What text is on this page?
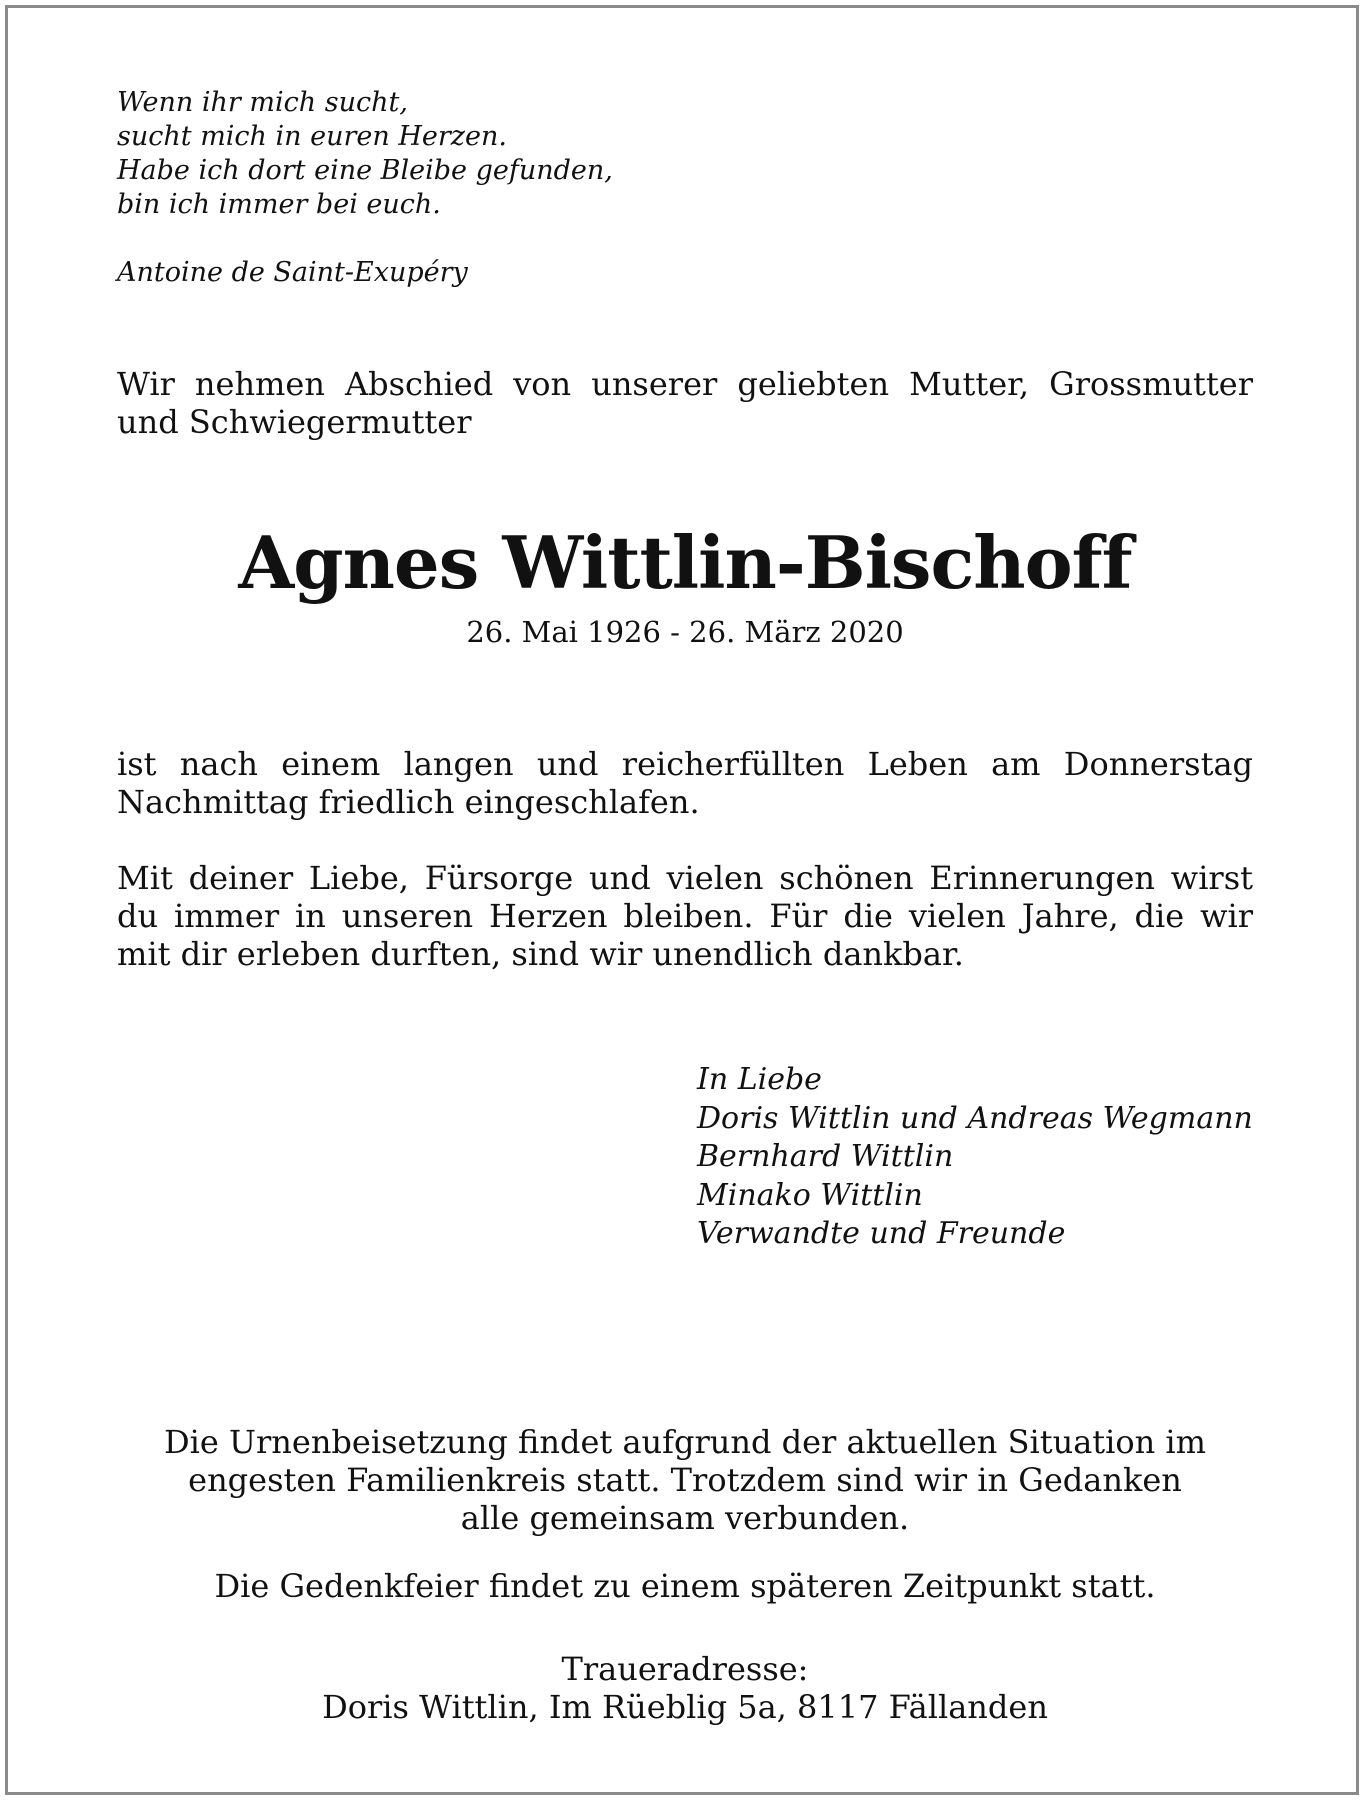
Wenn ihr mich sucht,
sucht mich in euren Herzen.
Habe ich dort eine Bleibe gefunden,
bin ich immer bei euch.
Antoine de Saint-Exupéry
Wir nehmen Abschied von unserer geliebten Mutter, Grossmutter und Schwiegermutter
Agnes Wittlin-Bischoff
26. Mai 1926 - 26. März 2020
ist nach einem langen und reicherfüllten Leben am Donnerstag Nachmittag friedlich eingeschlafen.
Mit deiner Liebe, Fürsorge und vielen schönen Erinnerungen wirst du immer in unseren Herzen bleiben. Für die vielen Jahre, die wir mit dir erleben durften, sind wir unendlich dankbar.
In Liebe
Doris Wittlin und Andreas Wegmann
Bernhard Wittlin
Minako Wittlin
Verwandte und Freunde
Die Urnenbeisetzung findet aufgrund der aktuellen Situation im
engesten Familienkreis statt. Trotzdem sind wir in Gedanken
alle gemeinsam verbunden.
Die Gedenkfeier findet zu einem späteren Zeitpunkt statt.
Traueradresse:
Doris Wittlin, Im Rüeblig 5a, 8117 Fällanden
